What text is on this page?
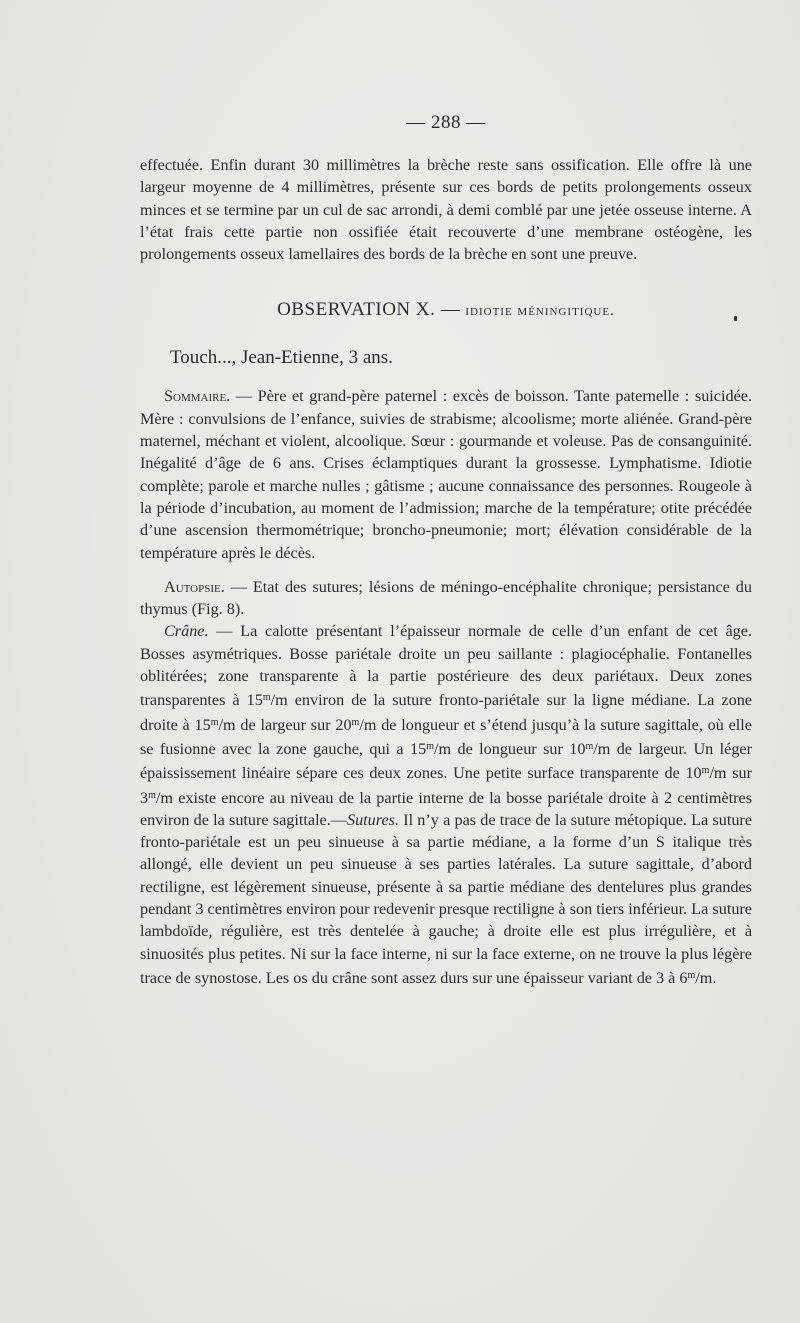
— 288 —

effectuée. Enfin durant 30 millimètres la brèche reste sans ossification. Elle offre là une largeur moyenne de 4 millimètres, présente sur ces bords de petits prolongements osseux minces et se termine par un cul de sac arrondi, à demi comblé par une jetée osseuse interne. A l’état frais cette partie non ossifiée était recouverte d’une membrane ostéogène, les prolongements osseux lamellaires des bords de la brèche en sont une preuve.

OBSERVATION X. — idiotie méningitique.
Touch..., Jean-Etienne, 3 ans.

Sommaire. — Père et grand-père paternel : excès de boisson. Tante paternelle : suicidée. Mère : convulsions de l’enfance, suivies de strabisme; alcoolisme; morte aliénée. Grand-père maternel, méchant et violent, alcoolique. Sœur : gourmande et voleuse. Pas de consanguinité. Inégalité d’âge de 6 ans. Crises éclamptiques durant la grossesse. Lymphatisme. Idiotie complète; parole et marche nulles ; gâtisme ; aucune connaissance des personnes. Rougeole à la période d’incubation, au moment de l’admission; marche de la température; otite précédée d’une ascension thermométrique; broncho-pneumonie; mort; élévation considérable de la température après le décès.

Autopsie. — Etat des sutures; lésions de méningo-encéphalite chronique; persistance du thymus (Fig. 8).

Crâne. — La calotte présentant l’épaisseur normale de celle d’un enfant de cet âge. Bosses asymétriques. Bosse pariétale droite un peu saillante : plagiocéphalie. Fontanelles oblitérées; zone transparente à la partie postérieure des deux pariétaux. Deux zones transparentes à 15$^m$/m environ de la suture fronto-pariétale sur la ligne médiane. La zone droite à 15$^m$/m de largeur sur 20$^m$/m de longueur et s’étend jusqu’à la suture sagittale, où elle se fusionne avec la zone gauche, qui a 15$^m$/m de longueur sur 10$^m$/m de largeur. Un léger épaississement linéaire sépare ces deux zones. Une petite surface transparente de 10$^m$/m sur 3$^m$/m existe encore au niveau de la partie interne de la bosse pariétale droite à 2 centimètres environ de la suture sagittale.—Sutures. Il n’y a pas de trace de la suture métopique. La suture fronto-pariétale est un peu sinueuse à sa partie médiane, a la forme d’un S italique très allongé, elle devient un peu sinueuse à ses parties latérales. La suture sagittale, d’abord rectiligne, est légèrement sinueuse, présente à sa partie médiane des dentelures plus grandes pendant 3 centimètres environ pour redevenir presque rectiligne à son tiers inférieur. La suture lambdoïde, régulière, est très dentelée à gauche; à droite elle est plus irrégulière, et à sinuosités plus petites. Ni sur la face interne, ni sur la face externe, on ne trouve la plus légère trace de synostose. Les os du crâne sont assez durs sur une épaisseur variant de 3 à 6$^m$/m.
